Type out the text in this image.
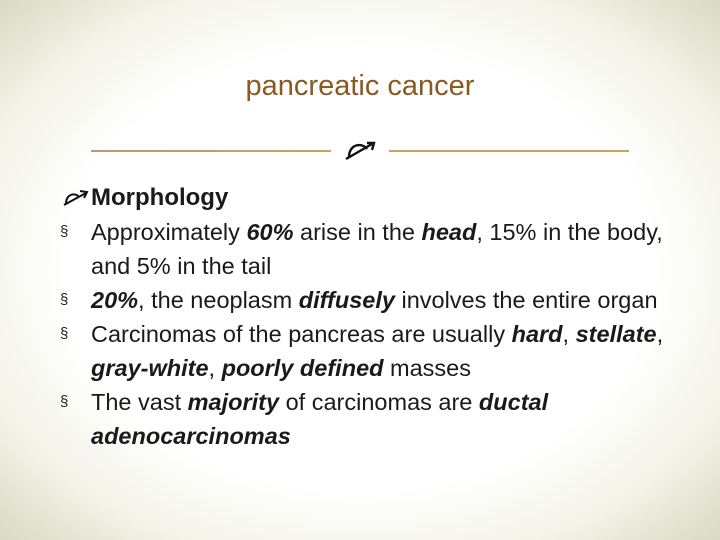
pancreatic cancer
Morphology
§ Approximately 60% arise in the head, 15% in the body, and 5% in the tail
§ 20%, the neoplasm diffusely involves the entire organ
§ Carcinomas of the pancreas are usually hard, stellate, gray-white, poorly defined masses
§ The vast majority of carcinomas are ductal adenocarcinomas
